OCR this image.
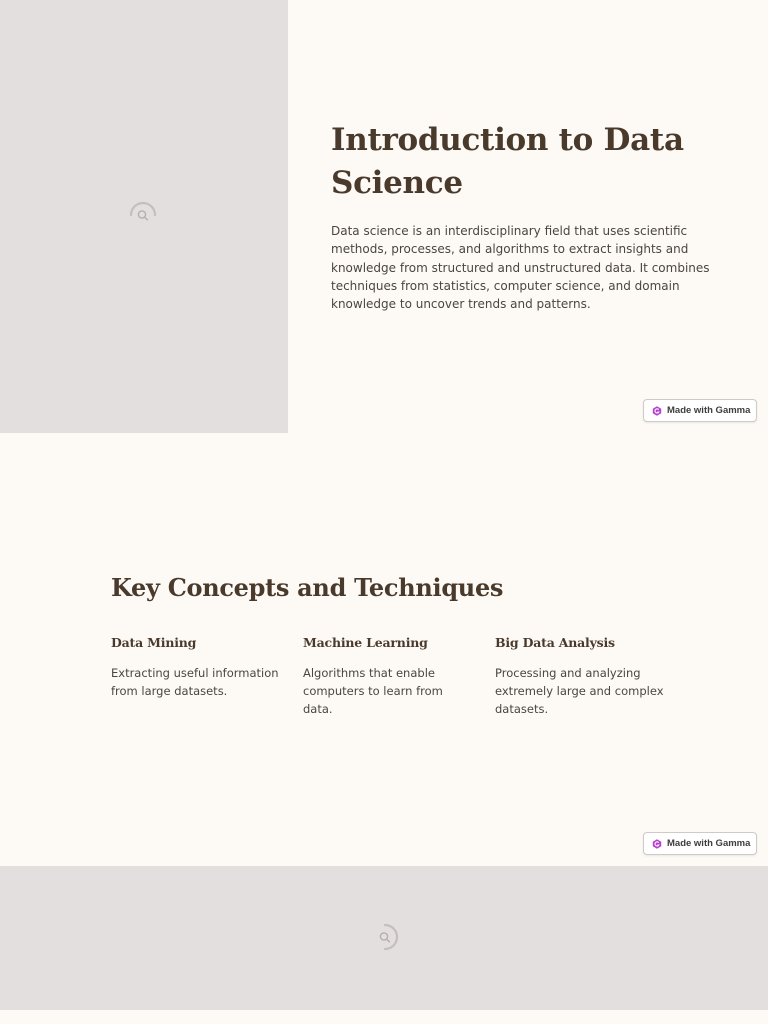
Introduction to Data Science

Data science is an interdisciplinary field that uses scientific methods, processes, and algorithms to extract insights and knowledge from structured and unstructured data. It combines techniques from statistics, computer science, and domain knowledge to uncover trends and patterns.

Key Concepts and Techniques
Data Mining

Extracting useful information from large datasets.

Machine Learning

Algorithms that enable computers to learn from data.

Big Data Analysis

Processing and analyzing extremely large and complex datasets.

Made with Gamma
Made with Gamma
